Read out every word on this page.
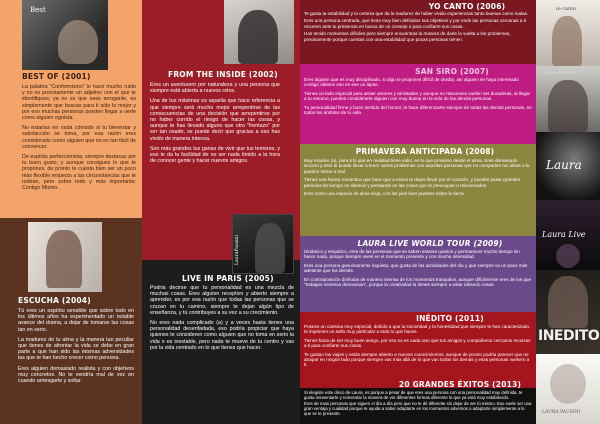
Best
BEST OF (2001)

La palabra "Conformismo" le hace mucho ruido y no es precisamente un adjetivo con el que te identifiques; ya no es que seas arrogante, es simplemente que buscas para ti sólo lo mejor y por eso muchas personas pueden llegar a verte como alguien egoísta.

No estarías en nada cómodo si tu bienestar y satisfacción se toma, por esa razón eres considerado como alguien que no es tan fácil de convencer.

De espíritu perfeccionista, siempre destacas por tu buen gusto, y aunque consigues lo que te propones, de pronto te cuesta bien ser un poco más flexible respecto a las circunstancias que te rodean, pero sobre todo y más importante: Contigo Mismo.

ESCUCHA (2004)

Tú eres un espíritu sensible que sobre todo en los últimos años ha experimentado un notable avance del drama, a dejar de tomarse las cosas tan en serio.

La madurez de tu alma y la manera tan peculiar que tienes de afrontar la vida se debe en gran parte a que han sido las mismas adversidades las que te han hecho crecer como persona.

Eres alguien demasiado realista y con objetivos muy concretos. No te vendría mal de vez en cuando arriesgarte y soltar.

FROM THE INSIDE (2002)

Eres un aventurero por naturaleza y una persona que siempre está abierta a nuevos retos.

Una de tus máximas es aquella que hace referencia a que siempre será mucho mejor arrepentirse de las consecuencias de una decisión que arrepentirse por no haber corrido el riesgo de hacer las cosas, y aunque te has llevado alguno que otro "frentazo" por ser tan osado, se puede decir que gracias a eso has vivido de manera intensa.

Son más grandes tus ganas de vivir que tus temores, y eso te da la facilidad de no ser nada tímido a la hora de conocer gente y hacer nuevos amigos.

LauraPausini
LIVE IN PARIS (2005)

Podría decirse que tu personalidad es una mezcla de muchas cosas. Eres alguien receptivo y abierto siempre a aprender, es por esa razón que todas las personas que se cruzan en tu camino, siempre te dejan algún tipo de enseñanza, y tú contribuyes a su vez a su crecimiento.

No eres nada complicado (a) y a veces hasta tienes una personalidad desenfadada, eso podría propiciar que haya quienes te consideren como alguien que no toma en serio la vida o es inestable, pero nada te mueve de tu centro y vas por la vida centrado en lo que tienes que hacer.

YO CANTO (2006)

Te gusta la estabilidad y la certeza que da la madurez de haber vivido experiencias tanto buenas como malas.

Eres una persona centrada, que tiene muy bien definidos sus objetivos y por ende las personas cercanas a ti recurren ante tu presencia en busca de un consejo o para confiarte sus cosas.

Has tenido momentos difíciles pero siempre encuentras la manera de darle la vuelta a los problemas, precisamente porque cuentas con una estabilidad que pocas personas tienen.

SAN SIRO (2007)

Eres alguien que es muy disciplinado, si algo te propones difícil de olvidar, así alguien se haya interesado contigo obtiene eso en ese un lapso.

Tienes un lado especial para atraer amores y amistades y aunque no relaciones suelen ser duraderas, al llegar a tu entorno, puedes considerarte alguien con muy buena en la vida de las demás personas.

Tu personalidad firme y buen sentido del humor, te hace diferenciarte siempre de todas las demás personas, en todos los ámbitos de tu vida.

PRIMAVERA ANTICIPADA (2008)

Muy intuitivo (a), para ti lo que en realidad tiene valor, es lo que proviene desde el alma. Eres demasiado sincero y esto te puede llevar a tener varios problemas con aquellas personas que no comparten tus ideas o lo pueden tomar a mal.

Tienes una faceta romántica que hace que a veces te dejes llevar por el corazón, y puedes pasar grandes periodos de tiempo en silencio y pensando en las cosas que te preocupan o relacionadas.

Eres como una especie de alma vieja, con los pies bien puestos sobre la tierra.

LAURA LIVE WORLD TOUR (2009)

Dinámico y empático, eres de las personas que se saben estarse quietos y permanecer mucho tiempo sin hacer nada, porque siempre vives en el momento presente y con mucha intensidad.

Eres una persona genuinamente inquieta, que gusta de las actividades del día y que siempre va un paso más adelante que los demás.

En contraposición disfrutas de manera intensa de los momentos tranquilos, aunque difícilmente eres de los que "trabajan mientras descansan", porque la creatividad la tienes siempre a estar ideando cosas.

INÉDITO (2011)

Posees un carisma muy especial, debido a que la sinceridad y la honestidad que siempre te han caracterizado, te imprimen un sello muy particular a todo lo que haces.

Tienes fama de ser muy buen amigo, por eso no es nada raro que tus amigos y compañeros cercanos recurran a ti para confiarte sus cosas.

Te gustan las viajes y estás siempre abierto a nuevos conocimientos, aunque de pronto podría parecer que no atrapar en ningún lado porque siempre vas más allá de lo que van todos los demás y esas personas vuelven a ti.

20 GRANDES ÉXITOS (2013)

Si elegiste este disco de Laura, es porque a pesar de que eres una persona con una personalidad muy definida, te gusta reinventarte y reinventar la manera de ver diferentes formas diferente lo que ya está muy establecido.

Eres de esas personas que siguen el día a día pero que no te dé diferente sin dejar de ser tú mismo. Eso suele ser una gran ventaja y cualidad porque te ayuda a saber adaptarte en los momentos adversos o adaptarte simplemente a lo que se te presente.

io canto
LAURA PAUSINI
Laura
Laura Live
INEDITO
LAURA PAUSINI
